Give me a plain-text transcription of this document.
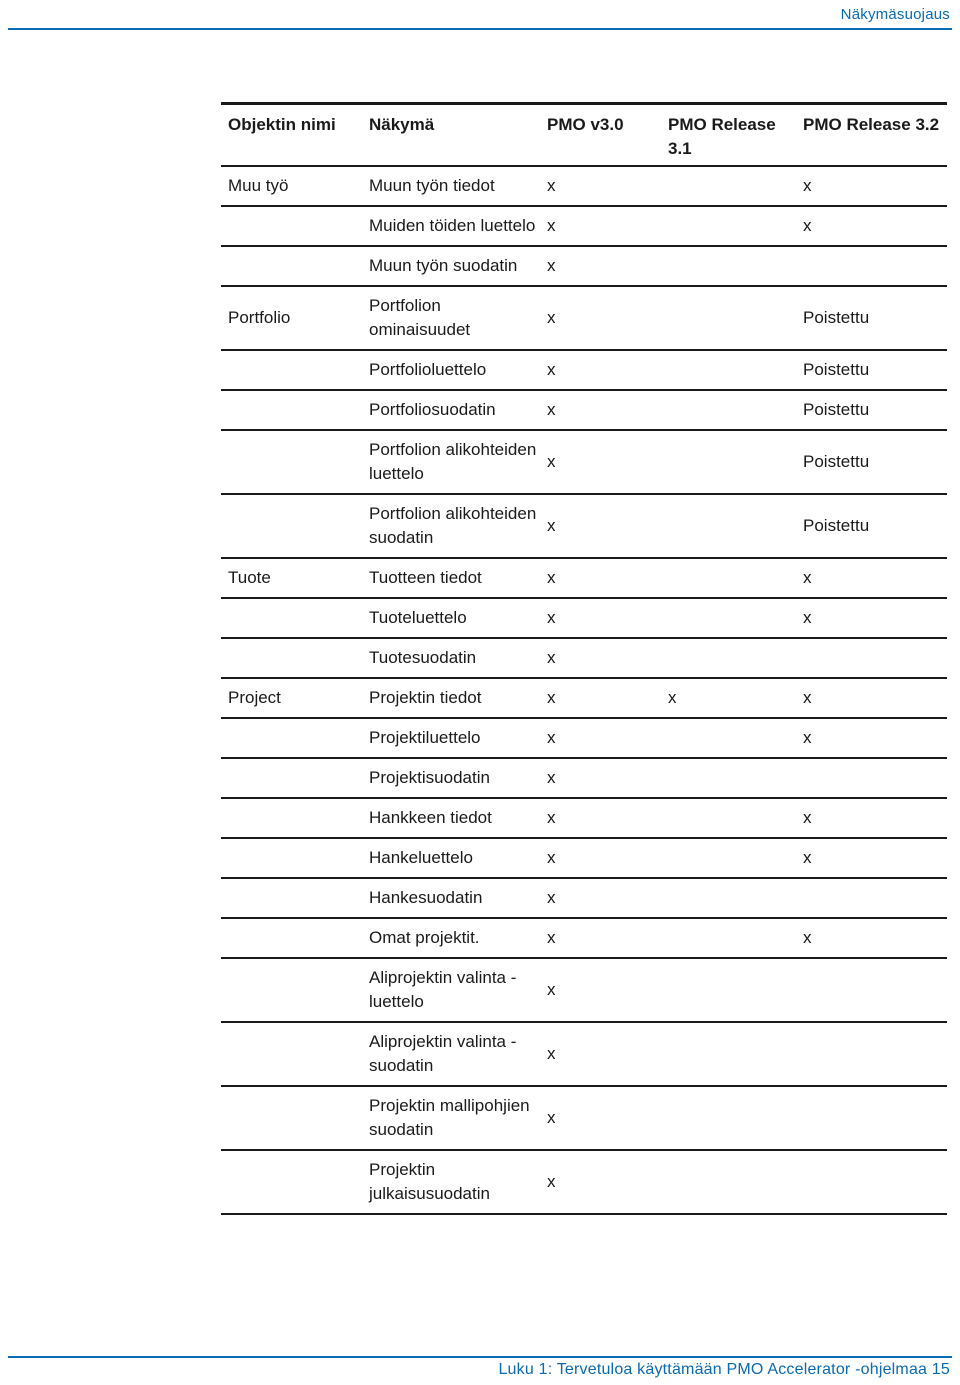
Näkymäsuojaus
Objektin nimi	Näkymä	PMO v3.0	PMO Release 3.1	PMO Release 3.2
Muu työ	Muun työn tiedot	x		x
	Muiden töiden luettelo	x		x
	Muun työn suodatin	x		
Portfolio	Portfolion ominaisuudet	x		Poistettu
	Portfolioluettelo	x		Poistettu
	Portfoliosuodatin	x		Poistettu
	Portfolion alikohteiden luettelo	x		Poistettu
	Portfolion alikohteiden suodatin	x		Poistettu
Tuote	Tuotteen tiedot	x		x
	Tuoteluettelo	x		x
	Tuotesuodatin	x		
Project	Projektin tiedot	x	x	x
	Projektiluettelo	x		x
	Projektisuodatin	x		
	Hankkeen tiedot	x		x
	Hankeluettelo	x		x
	Hankesuodatin	x		
	Omat projektit.	x		x
	Aliprojektin valinta -luettelo	x		
	Aliprojektin valinta -suodatin	x		
	Projektin mallipohjien suodatin	x		
	Projektin julkaisusuodatin	x		
Luku 1: Tervetuloa käyttämään PMO Accelerator -ohjelmaa 15
